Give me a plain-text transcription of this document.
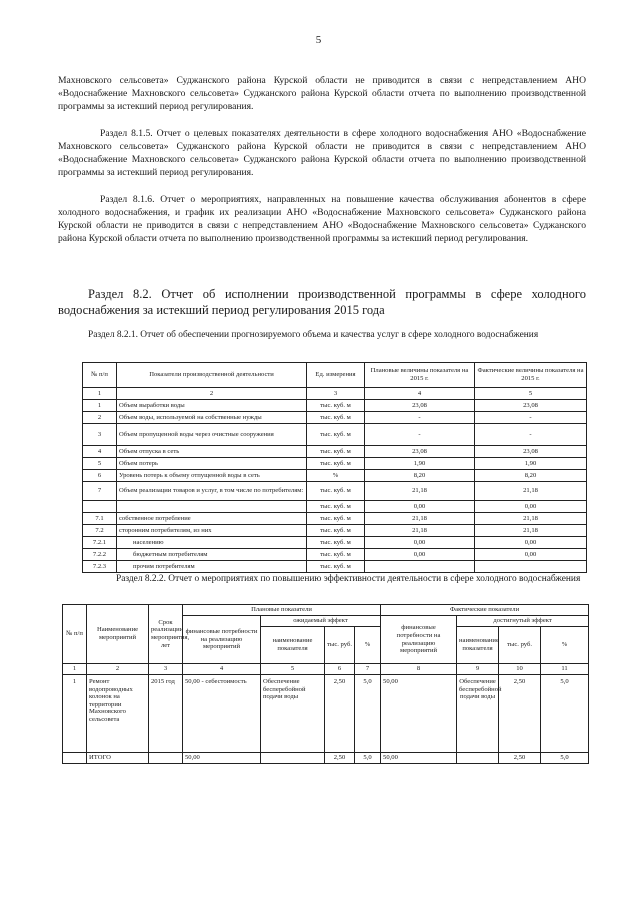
5

Махновского сельсовета» Суджанского района Курской области не приводится в связи с непредставлением АНО «Водоснабжение Махновского сельсовета» Суджанского района Курской области отчета по выполнению производственной программы за истекший период регулирования.

Раздел 8.1.5. Отчет о целевых показателях деятельности в сфере холодного водоснабжения АНО «Водоснабжение Махновского сельсовета» Суджанского района Курской области не приводится в связи с непредставлением АНО «Водоснабжение Махновского сельсовета» Суджанского района Курской области отчета по выполнению производственной программы за истекший период регулирования.

Раздел 8.1.6. Отчет о мероприятиях, направленных на повышение качества обслуживания абонентов в сфере холодного водоснабжения, и график их реализации АНО «Водоснабжение Махновского сельсовета» Суджанского района Курской области не приводится в связи с непредставлением АНО «Водоснабжение Махновского сельсовета» Суджанского района Курской области отчета по выполнению производственной программы за истекший период регулирования.

Раздел 8.2. Отчет об исполнении производственной программы в сфере холодного водоснабжения за истекший период регулирования 2015 года

Раздел 8.2.1. Отчет об обеспечении прогнозируемого объема и качества услуг в сфере холодного водоснабжения

№ п/п	Показатели производственной деятельности	Ед. измерения	Плановые величины показателя на 2015 г.	Фактические величины показателя на 2015 г.
1	2	3	4	5
1	Объем выработки воды	тыс. куб. м	23,08	23,08
2	Объем воды, используемой на собственные нужды	тыс. куб. м	-	-
3	Объем пропущенной воды через очистные сооружения	тыс. куб. м	-	-
4	Объем отпуска в сеть	тыс. куб. м	23,08	23,08
5	Объем потерь	тыс. куб. м	1,90	1,90
6	Уровень потерь к объему отпущенной воды в сеть	%	8,20	8,20
7	Объем реализации товаров и услуг, в том числе по потребителям:	тыс. куб. м	21,18	21,18
		тыс. куб. м	0,00	0,00
7.1	собственное потребление	тыс. куб. м	21,18	21,18
7.2	сторонним потребителям, из них	тыс. куб. м	21,18	21,18
7.2.1	населению	тыс. куб. м	0,00	0,00
7.2.2	бюджетным потребителям	тыс. куб. м	0,00	0,00
7.2.3	прочим потребителям	тыс. куб. м		

Раздел 8.2.2. Отчет о мероприятиях по повышению эффективности деятельности в сфере холодного водоснабжения

№ п/п	Наименование мероприятий	Срок реализации мероприятия, лет	Плановые показатели				Фактические показатели			
			финансовые потребности на реализацию мероприятий	ожидаемый эффект			финансовые потребности на реализацию мероприятий	достигнутый эффект		
				наименование показателя	тыс. руб.	%		наименование показателя	тыс. руб.	%
1	2	3	4	5	6	7	8	9	10	11
1	Ремонт водопроводных колонок на территории Махновского сельсовета	2015 год	50,00 - себестоимость	Обеспечение бесперебойной подачи воды	2,50	5,0	50,00	Обеспечение бесперебойной подачи воды	2,50	5,0
	ИТОГО		50,00		2,50	5,0	50,00		2,50	5,0
